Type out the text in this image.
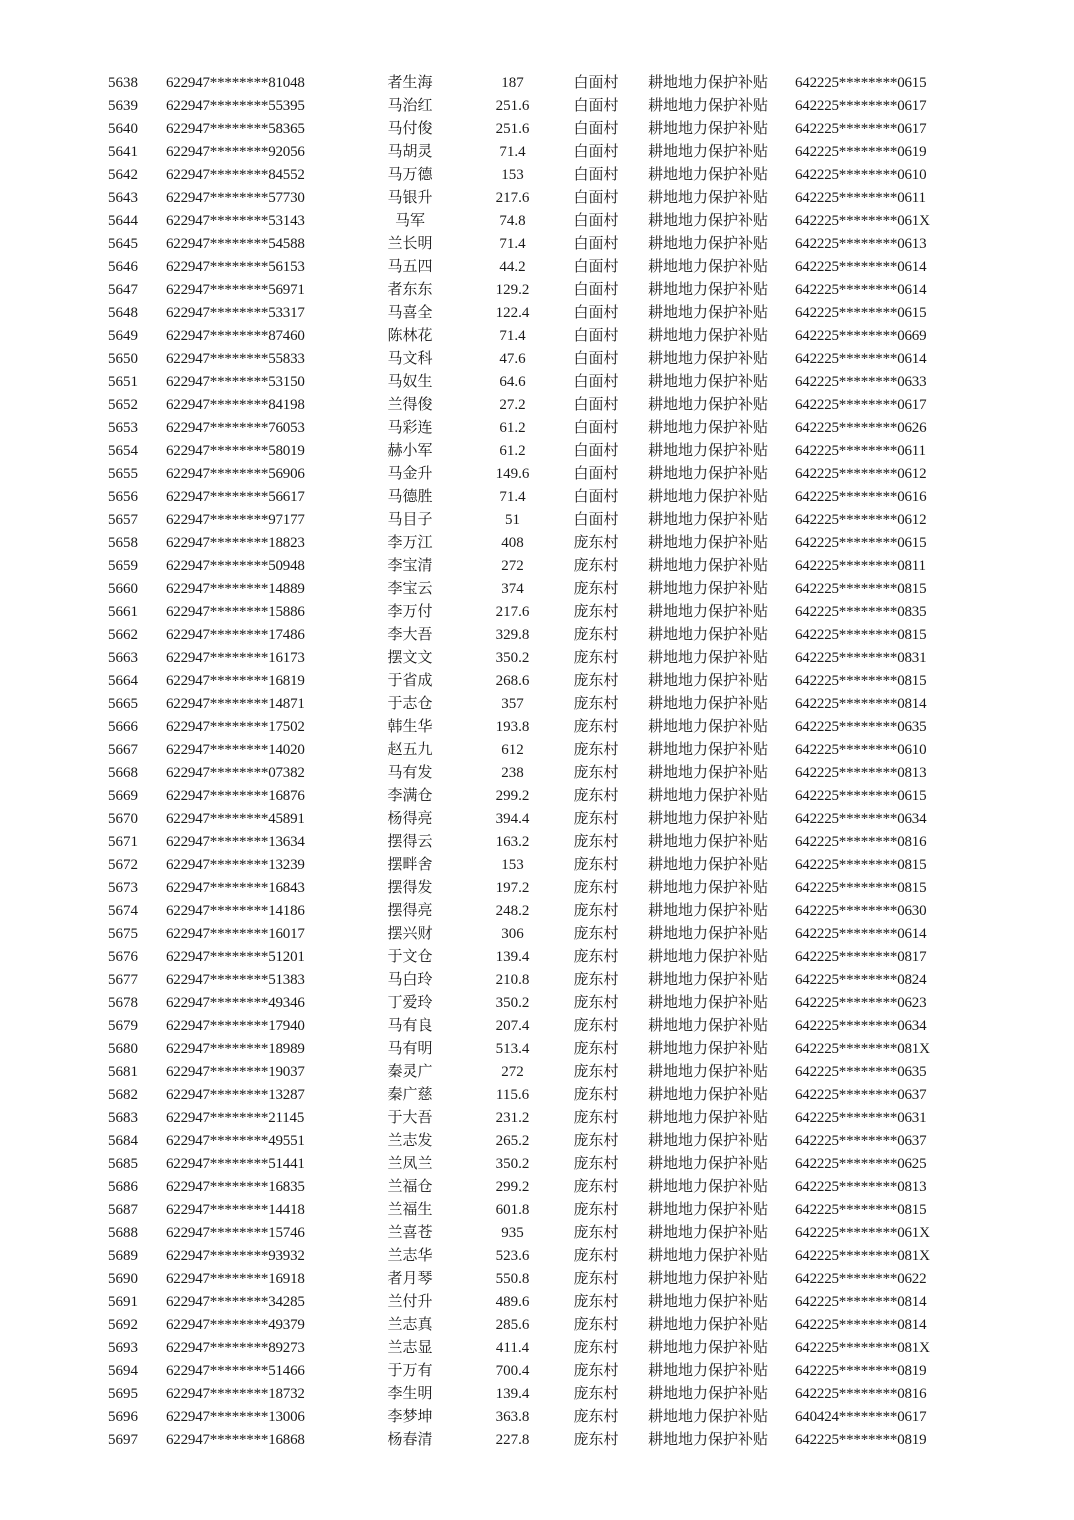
5638	622947********81048	者生海	187	白面村	耕地地力保护补贴	642225********0615
5639	622947********55395	马治红	251.6	白面村	耕地地力保护补贴	642225********0617
5640	622947********58365	马付俊	251.6	白面村	耕地地力保护补贴	642225********0617
5641	622947********92056	马胡灵	71.4	白面村	耕地地力保护补贴	642225********0619
5642	622947********84552	马万德	153	白面村	耕地地力保护补贴	642225********0610
5643	622947********57730	马银升	217.6	白面村	耕地地力保护补贴	642225********0611
5644	622947********53143	马军	74.8	白面村	耕地地力保护补贴	642225********061X
5645	622947********54588	兰长明	71.4	白面村	耕地地力保护补贴	642225********0613
5646	622947********56153	马五四	44.2	白面村	耕地地力保护补贴	642225********0614
5647	622947********56971	者东东	129.2	白面村	耕地地力保护补贴	642225********0614
5648	622947********53317	马喜全	122.4	白面村	耕地地力保护补贴	642225********0615
5649	622947********87460	陈林花	71.4	白面村	耕地地力保护补贴	642225********0669
5650	622947********55833	马文科	47.6	白面村	耕地地力保护补贴	642225********0614
5651	622947********53150	马奴生	64.6	白面村	耕地地力保护补贴	642225********0633
5652	622947********84198	兰得俊	27.2	白面村	耕地地力保护补贴	642225********0617
5653	622947********76053	马彩连	61.2	白面村	耕地地力保护补贴	642225********0626
5654	622947********58019	赫小军	61.2	白面村	耕地地力保护补贴	642225********0611
5655	622947********56906	马金升	149.6	白面村	耕地地力保护补贴	642225********0612
5656	622947********56617	马德胜	71.4	白面村	耕地地力保护补贴	642225********0616
5657	622947********97177	马目子	51	白面村	耕地地力保护补贴	642225********0612
5658	622947********18823	李万江	408	庞东村	耕地地力保护补贴	642225********0615
5659	622947********50948	李宝清	272	庞东村	耕地地力保护补贴	642225********0811
5660	622947********14889	李宝云	374	庞东村	耕地地力保护补贴	642225********0815
5661	622947********15886	李万付	217.6	庞东村	耕地地力保护补贴	642225********0835
5662	622947********17486	李大吾	329.8	庞东村	耕地地力保护补贴	642225********0815
5663	622947********16173	摆文文	350.2	庞东村	耕地地力保护补贴	642225********0831
5664	622947********16819	于省成	268.6	庞东村	耕地地力保护补贴	642225********0815
5665	622947********14871	于志仓	357	庞东村	耕地地力保护补贴	642225********0814
5666	622947********17502	韩生华	193.8	庞东村	耕地地力保护补贴	642225********0635
5667	622947********14020	赵五九	612	庞东村	耕地地力保护补贴	642225********0610
5668	622947********07382	马有发	238	庞东村	耕地地力保护补贴	642225********0813
5669	622947********16876	李满仓	299.2	庞东村	耕地地力保护补贴	642225********0615
5670	622947********45891	杨得亮	394.4	庞东村	耕地地力保护补贴	642225********0634
5671	622947********13634	摆得云	163.2	庞东村	耕地地力保护补贴	642225********0816
5672	622947********13239	摆畔舍	153	庞东村	耕地地力保护补贴	642225********0815
5673	622947********16843	摆得发	197.2	庞东村	耕地地力保护补贴	642225********0815
5674	622947********14186	摆得亮	248.2	庞东村	耕地地力保护补贴	642225********0630
5675	622947********16017	摆兴财	306	庞东村	耕地地力保护补贴	642225********0614
5676	622947********51201	于文仓	139.4	庞东村	耕地地力保护补贴	642225********0817
5677	622947********51383	马白玲	210.8	庞东村	耕地地力保护补贴	642225********0824
5678	622947********49346	丁爱玲	350.2	庞东村	耕地地力保护补贴	642225********0623
5679	622947********17940	马有良	207.4	庞东村	耕地地力保护补贴	642225********0634
5680	622947********18989	马有明	513.4	庞东村	耕地地力保护补贴	642225********081X
5681	622947********19037	秦灵广	272	庞东村	耕地地力保护补贴	642225********0635
5682	622947********13287	秦广慈	115.6	庞东村	耕地地力保护补贴	642225********0637
5683	622947********21145	于大吾	231.2	庞东村	耕地地力保护补贴	642225********0631
5684	622947********49551	兰志发	265.2	庞东村	耕地地力保护补贴	642225********0637
5685	622947********51441	兰凤兰	350.2	庞东村	耕地地力保护补贴	642225********0625
5686	622947********16835	兰福仓	299.2	庞东村	耕地地力保护补贴	642225********0813
5687	622947********14418	兰福生	601.8	庞东村	耕地地力保护补贴	642225********0815
5688	622947********15746	兰喜苍	935	庞东村	耕地地力保护补贴	642225********061X
5689	622947********93932	兰志华	523.6	庞东村	耕地地力保护补贴	642225********081X
5690	622947********16918	者月琴	550.8	庞东村	耕地地力保护补贴	642225********0622
5691	622947********34285	兰付升	489.6	庞东村	耕地地力保护补贴	642225********0814
5692	622947********49379	兰志真	285.6	庞东村	耕地地力保护补贴	642225********0814
5693	622947********89273	兰志显	411.4	庞东村	耕地地力保护补贴	642225********081X
5694	622947********51466	于万有	700.4	庞东村	耕地地力保护补贴	642225********0819
5695	622947********18732	李生明	139.4	庞东村	耕地地力保护补贴	642225********0816
5696	622947********13006	李梦坤	363.8	庞东村	耕地地力保护补贴	640424********0617
5697	622947********16868	杨春清	227.8	庞东村	耕地地力保护补贴	642225********0819
